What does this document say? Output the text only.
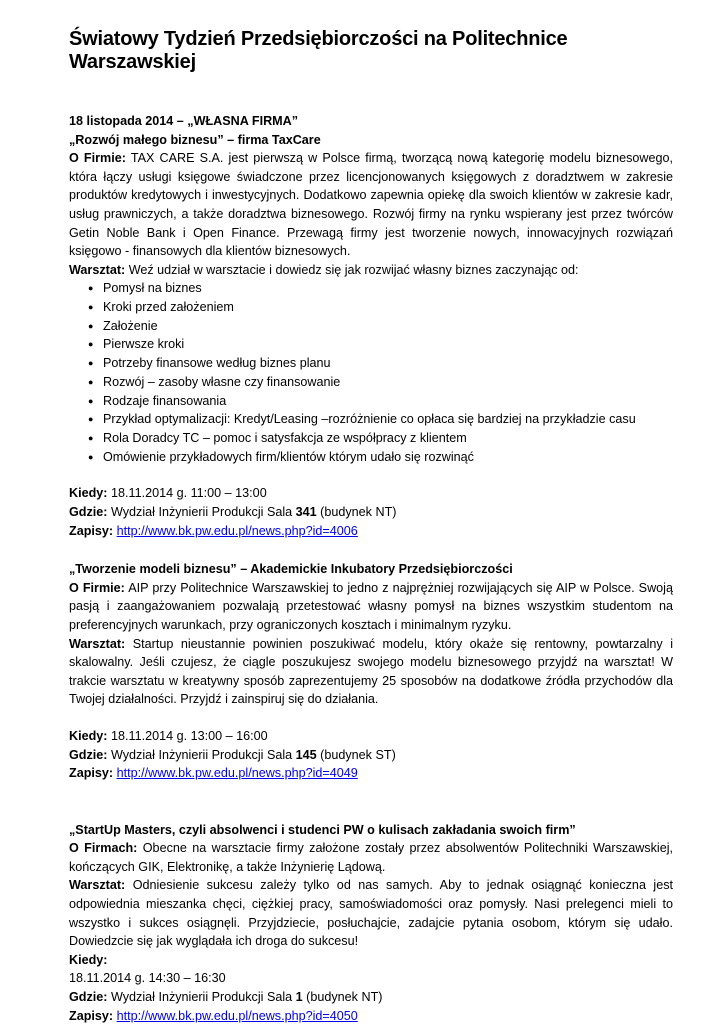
Światowy Tydzień Przedsiębiorczości na Politechnice Warszawskiej

18 listopada 2014 – „WŁASNA FIRMA”

„Rozwój małego biznesu” – firma TaxCare

O Firmie: TAX CARE S.A. jest pierwszą w Polsce firmą, tworzącą nową kategorię modelu biznesowego, która łączy usługi księgowe świadczone przez licencjonowanych księgowych z doradztwem w zakresie produktów kredytowych i inwestycyjnych. Dodatkowo zapewnia opiekę dla swoich klientów w zakresie kadr, usług prawniczych, a także doradztwa biznesowego. Rozwój firmy na rynku wspierany jest przez twórców Getin Noble Bank i Open Finance. Przewagą firmy jest tworzenie nowych, innowacyjnych rozwiązań księgowo - finansowych dla klientów biznesowych.

Warsztat: Weź udział w warsztacie i dowiedz się jak rozwijać własny biznes zaczynając od:

● Pomysł na biznes
● Kroki przed założeniem
● Założenie
● Pierwsze kroki
● Potrzeby finansowe według biznes planu
● Rozwój – zasoby własne czy finansowanie
● Rodzaje finansowania
● Przykład optymalizacji: Kredyt/Leasing –rozróżnienie co opłaca się bardziej na przykładzie casu
● Rola Doradcy TC – pomoc i satysfakcja ze współpracy z klientem
● Omówienie przykładowych firm/klientów którym udało się rozwinąć

Kiedy: 18.11.2014 g. 11:00 – 13:00

Gdzie: Wydział Inżynierii Produkcji Sala 341 (budynek NT)

Zapisy: http://www.bk.pw.edu.pl/news.php?id=4006

„Tworzenie modeli biznesu” – Akademickie Inkubatory Przedsiębiorczości

O Firmie: AIP przy Politechnice Warszawskiej to jedno z najprężniej rozwijających się AIP w Polsce. Swoją pasją i zaangażowaniem pozwalają przetestować własny pomysł na biznes wszystkim studentom na preferencyjnych warunkach, przy ograniczonych kosztach i minimalnym ryzyku.

Warsztat: Startup nieustannie powinien poszukiwać modelu, który okaże się rentowny, powtarzalny i skalowalny. Jeśli czujesz, że ciągle poszukujesz swojego modelu biznesowego przyjdź na warsztat! W trakcie warsztatu w kreatywny sposób zaprezentujemy 25 sposobów na dodatkowe źródła przychodów dla Twojej działalności. Przyjdź i zainspiruj się do działania.

Kiedy: 18.11.2014 g. 13:00 – 16:00

Gdzie: Wydział Inżynierii Produkcji Sala 145 (budynek ST)

Zapisy: http://www.bk.pw.edu.pl/news.php?id=4049

„StartUp Masters, czyli absolwenci i studenci PW o kulisach zakładania swoich firm”

O Firmach: Obecne na warsztacie firmy założone zostały przez absolwentów Politechniki Warszawskiej, kończących GIK, Elektronikę, a także Inżynierię Lądową.

Warsztat: Odniesienie sukcesu zależy tylko od nas samych. Aby to jednak osiągnąć konieczna jest odpowiednia mieszanka chęci, ciężkiej pracy, samoświadomości oraz pomysły. Nasi prelegenci mieli to wszystko i sukces osiągnęli. Przyjdziecie, posłuchajcie, zadajcie pytania osobom, którym się udało. Dowiedzcie się jak wyglądała ich droga do sukcesu!

Kiedy:

18.11.2014 g. 14:30 – 16:30

Gdzie: Wydział Inżynierii Produkcji Sala 1 (budynek NT)

Zapisy: http://www.bk.pw.edu.pl/news.php?id=4050
